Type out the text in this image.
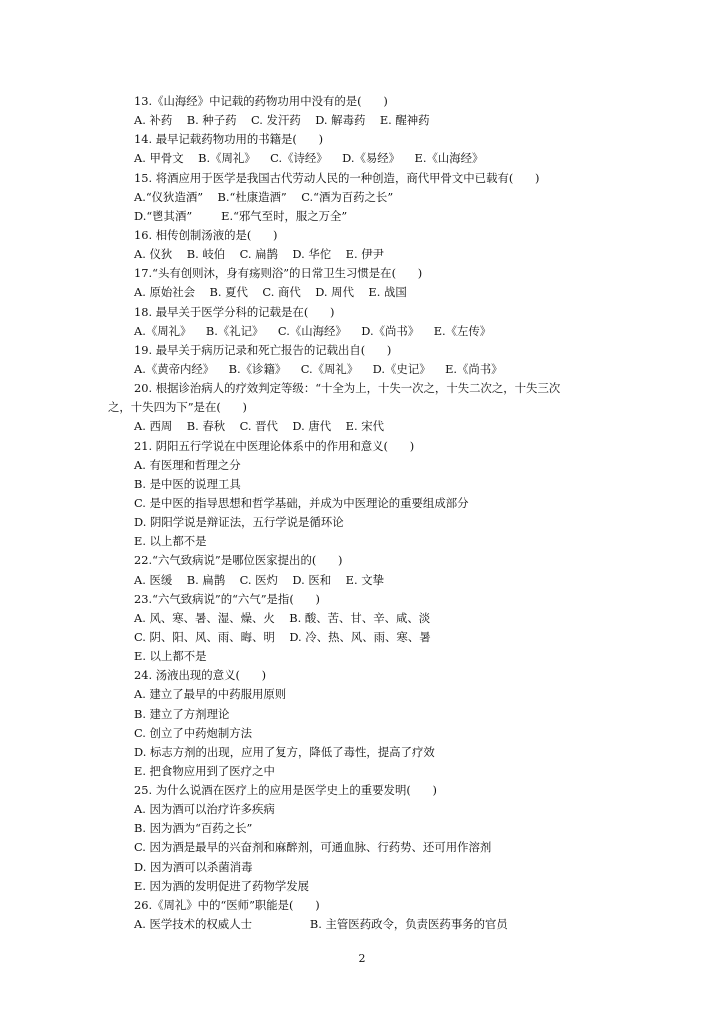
13.《山海经》中记载的药物功用中没有的是(      )
A. 补药    B. 种子药    C. 发汗药    D. 解毒药    E. 醒神药
14. 最早记载药物功用的书籍是(      )
A. 甲骨文    B.《周礼》    C.《诗经》    D.《易经》    E.《山海经》
15. 将酒应用于医学是我国古代劳动人民的一种创造，商代甲骨文中已载有(      )
A.“仪狄造酒”    B.“杜康造酒”    C.“酒为百药之长”
D.“鬯其酒”        E.“邪气至时，服之万全”
16. 相传创制汤液的是(      )
A. 仪狄    B. 岐伯    C. 扁鹊    D. 华佗    E. 伊尹
17.“头有创则沐，身有疡则浴”的日常卫生习惯是在(      )
A. 原始社会    B. 夏代    C. 商代    D. 周代    E. 战国
18. 最早关于医学分科的记载是在(      )
A.《周礼》    B.《礼记》    C.《山海经》    D.《尚书》    E.《左传》
19. 最早关于病历记录和死亡报告的记载出自(      )
A.《黄帝内经》    B.《诊籍》    C.《周礼》    D.《史记》    E.《尚书》
20. 根据诊治病人的疗效判定等级：“十全为上，十失一次之，十失二次之，十失三次
之，十失四为下”是在(      )
A. 西周    B. 春秋    C. 晋代    D. 唐代    E. 宋代
21. 阴阳五行学说在中医理论体系中的作用和意义(      )
A. 有医理和哲理之分
B. 是中医的说理工具
C. 是中医的指导思想和哲学基础，并成为中医理论的重要组成部分
D. 阴阳学说是辩证法，五行学说是循环论
E. 以上都不是
22.“六气致病说”是哪位医家提出的(      )
A. 医缓    B. 扁鹊    C. 医灼    D. 医和    E. 文挚
23.“六气致病说”的“六气”是指(      )
A. 风、寒、暑、湿、燥、火    B. 酸、苦、甘、辛、咸、淡
C. 阴、阳、风、雨、晦、明    D. 冷、热、风、雨、寒、暑
E. 以上都不是
24. 汤液出现的意义(      )
A. 建立了最早的中药服用原则
B. 建立了方剂理论
C. 创立了中药炮制方法
D. 标志方剂的出现，应用了复方，降低了毒性，提高了疗效
E. 把食物应用到了医疗之中
25. 为什么说酒在医疗上的应用是医学史上的重要发明(      )
A. 因为酒可以治疗许多疾病
B. 因为酒为“百药之长”
C. 因为酒是最早的兴奋剂和麻醉剂，可通血脉、行药势、还可用作溶剂
D. 因为酒可以杀菌消毒
E. 因为酒的发明促进了药物学发展
26.《周礼》中的“医师”职能是(      )
A. 医学技术的权威人士                B. 主管医药政令，负责医药事务的官员
2
